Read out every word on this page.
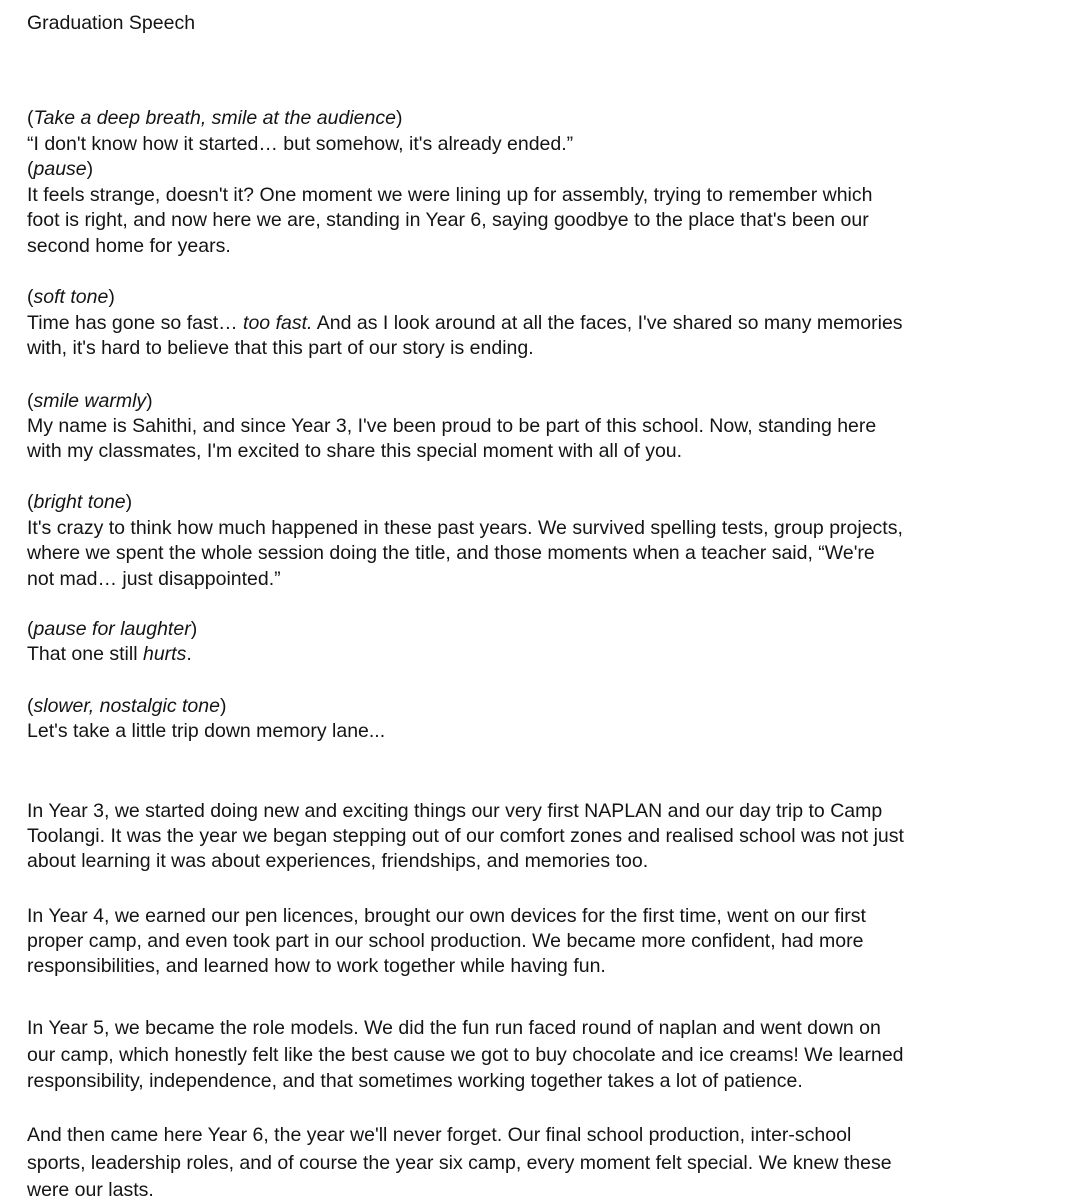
Graduation Speech
(Take a deep breath, smile at the audience)
“I don't know how it started… but somehow, it's already ended.”
(pause)
It feels strange, doesn't it? One moment we were lining up for assembly, trying to remember which
foot is right, and now here we are, standing in Year 6, saying goodbye to the place that's been our
second home for years.
(soft tone)
Time has gone so fast… too fast. And as I look around at all the faces, I've shared so many memories
with, it's hard to believe that this part of our story is ending.
(smile warmly)
My name is Sahithi, and since Year 3, I've been proud to be part of this school. Now, standing here
with my classmates, I'm excited to share this special moment with all of you.
(bright tone)
It's crazy to think how much happened in these past years. We survived spelling tests, group projects,
where we spent the whole session doing the title, and those moments when a teacher said, “We're
not mad… just disappointed.”
(pause for laughter)
That one still hurts.
(slower, nostalgic tone)
Let's take a little trip down memory lane...
In Year 3, we started doing new and exciting things our very first NAPLAN and our day trip to Camp
Toolangi. It was the year we began stepping out of our comfort zones and realised school was not just
about learning it was about experiences, friendships, and memories too.
In Year 4, we earned our pen licences, brought our own devices for the first time, went on our first
proper camp, and even took part in our school production. We became more confident, had more
responsibilities, and learned how to work together while having fun.
In Year 5, we became the role models. We did the fun run faced round of naplan and went down on
our camp, which honestly felt like the best cause we got to buy chocolate and ice creams! We learned
responsibility, independence, and that sometimes working together takes a lot of patience.
And then came here Year 6, the year we'll never forget. Our final school production, inter-school
sports, leadership roles, and of course the year six camp, every moment felt special. We knew these
were our lasts.
